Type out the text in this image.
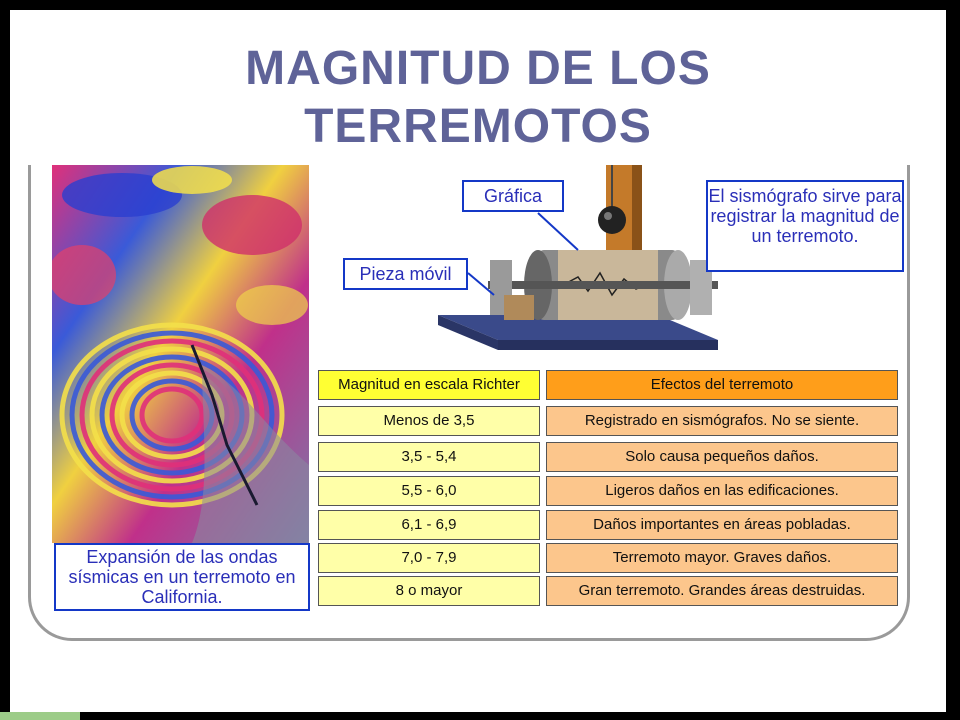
MAGNITUD DE LOS
TERREMOTOS
Expansión de las ondas sísmicas en un terremoto en California.
Gráfica
Pieza móvil
El sismógrafo sirve para registrar la magnitud de un terremoto.
Magnitud en escala Richter	Efectos del terremoto
Menos de 3,5	Registrado en sismógrafos. No se siente.
3,5 - 5,4	Solo causa pequeños daños.
5,5 - 6,0	Ligeros daños en las edificaciones.
6,1 - 6,9	Daños importantes en áreas pobladas.
7,0 - 7,9	Terremoto mayor. Graves daños.
8 o mayor	Gran terremoto. Grandes áreas destruidas.
